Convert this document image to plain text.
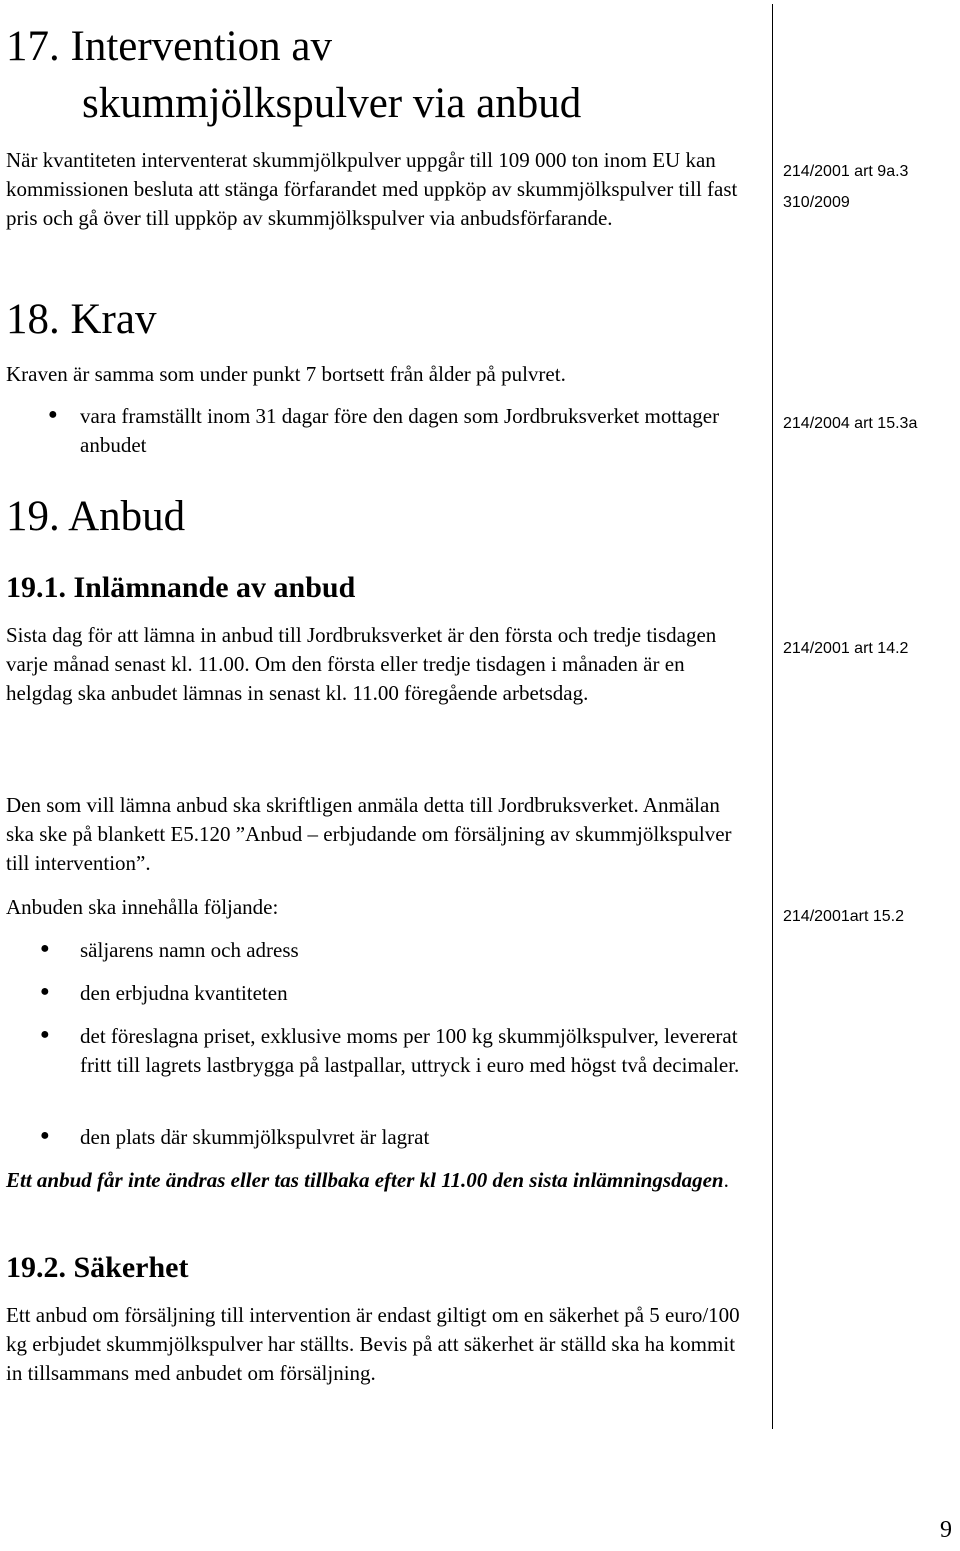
17. Intervention av
skummjölkspulver via anbud
När kvantiteten interventerat skummjölkpulver uppgår till 109 000 ton inom EU kan kommissionen besluta att stänga förfarandet med uppköp av skummjölkspulver till fast pris och gå över till uppköp av skummjölkspulver via anbudsförfarande.
214/2001 art 9a.3
310/2009
18. Krav
Kraven är samma som under punkt 7 bortsett från ålder på pulvret.
● vara framställt inom 31 dagar före den dagen som Jordbruksverket mottager anbudet
214/2004 art 15.3a
19. Anbud
19.1. Inlämnande av anbud
Sista dag för att lämna in anbud till Jordbruksverket är den första och tredje tisdagen varje månad senast kl. 11.00. Om den första eller tredje tisdagen i månaden är en helgdag ska anbudet lämnas in senast kl. 11.00 föregående arbetsdag.
214/2001 art 14.2
Den som vill lämna anbud ska skriftligen anmäla detta till Jordbruksverket. Anmälan ska ske på blankett E5.120 ”Anbud – erbjudande om försäljning av skummjölkspulver till intervention”.
Anbuden ska innehålla följande:	214/2001art 15.2
● säljarens namn och adress
● den erbjudna kvantiteten
● det föreslagna priset, exklusive moms per 100 kg skummjölkspulver, levererat fritt till lagrets lastbrygga på lastpallar, uttryck i euro med högst två decimaler.
● den plats där skummjölkspulvret är lagrat
Ett anbud får inte ändras eller tas tillbaka efter kl 11.00 den sista inlämningsdagen.
19.2. Säkerhet
Ett anbud om försäljning till intervention är endast giltigt om en säkerhet på 5 euro/100 kg erbjudet skummjölkspulver har ställts. Bevis på att säkerhet är ställd ska ha kommit in tillsammans med anbudet om försäljning.
9
